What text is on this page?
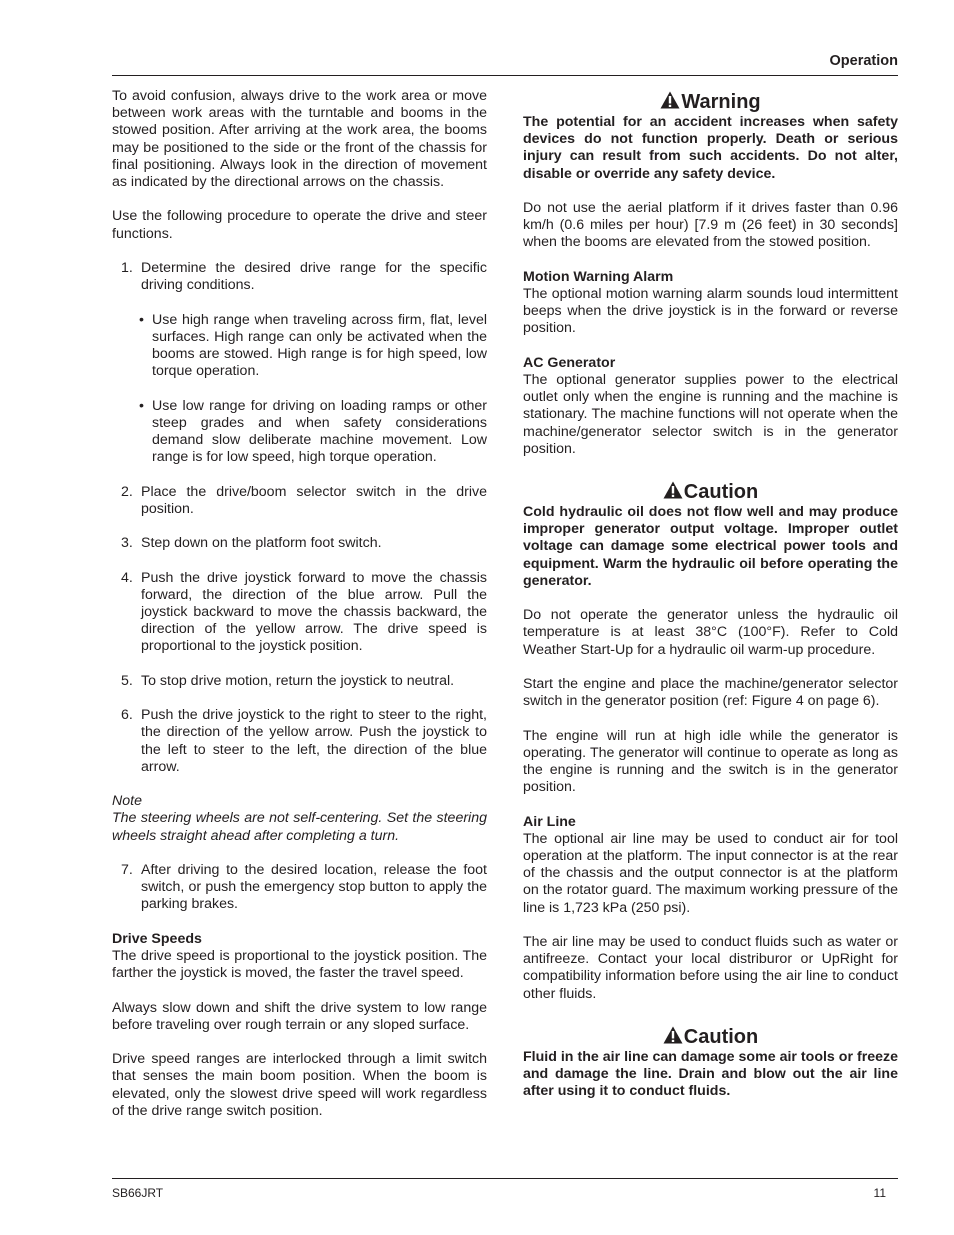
Operation

To avoid confusion, always drive to the work area or move between work areas with the turntable and booms in the stowed position. After arriving at the work area, the booms may be positioned to the side or the front of the chassis for final positioning. Always look in the direction of movement as indicated by the directional arrows on the chassis.

Use the following procedure to operate the drive and steer functions.

1. Determine the desired drive range for the specific driving conditions.
• Use high range when traveling across firm, flat, level surfaces. High range can only be activated when the booms are stowed. High range is for high speed, low torque operation.
• Use low range for driving on loading ramps or other steep grades and when safety considerations demand slow deliberate machine movement. Low range is for low speed, high torque operation.
2. Place the drive/boom selector switch in the drive position.
3. Step down on the platform foot switch.
4. Push the drive joystick forward to move the chassis forward, the direction of the blue arrow. Pull the joystick backward to move the chassis backward, the direction of the yellow arrow. The drive speed is proportional to the joystick position.
5. To stop drive motion, return the joystick to neutral.
6. Push the drive joystick to the right to steer to the right, the direction of the yellow arrow. Push the joystick to the left to steer to the left, the direction of the blue arrow.
Note
The steering wheels are not self-centering. Set the steering wheels straight ahead after completing a turn.
7. After driving to the desired location, release the foot switch, or push the emergency stop button to apply the parking brakes.
Drive Speeds

The drive speed is proportional to the joystick position. The farther the joystick is moved, the faster the travel speed.

Always slow down and shift the drive system to low range before traveling over rough terrain or any sloped surface.

Drive speed ranges are interlocked through a limit switch that senses the main boom position. When the boom is elevated, only the slowest drive speed will work regardless of the drive range switch position.

Warning

The potential for an accident increases when safety devices do not function properly. Death or serious injury can result from such accidents. Do not alter, disable or override any safety device.

Do not use the aerial platform if it drives faster than 0.96 km/h (0.6 miles per hour) [7.9 m (26 feet) in 30 seconds] when the booms are elevated from the stowed position.

Motion Warning Alarm

The optional motion warning alarm sounds loud intermittent beeps when the drive joystick is in the forward or reverse position.

AC Generator

The optional generator supplies power to the electrical outlet only when the engine is running and the machine is stationary. The machine functions will not operate when the machine/generator selector switch is in the generator position.

Caution

Cold hydraulic oil does not flow well and may produce improper generator output voltage. Improper outlet voltage can damage some electrical power tools and equipment. Warm the hydraulic oil before operating the generator.

Do not operate the generator unless the hydraulic oil temperature is at least 38°C (100°F). Refer to Cold Weather Start-Up for a hydraulic oil warm-up procedure.

Start the engine and place the machine/generator selector switch in the generator position (ref: Figure 4 on page 6).

The engine will run at high idle while the generator is operating. The generator will continue to operate as long as the engine is running and the switch is in the generator position.

Air Line

The optional air line may be used to conduct air for tool operation at the platform. The input connector is at the rear of the chassis and the output connector is at the platform on the rotator guard. The maximum working pressure of the line is 1,723 kPa (250 psi).

The air line may be used to conduct fluids such as water or antifreeze. Contact your local distriburor or UpRight for compatibility information before using the air line to conduct other fluids.

Caution

Fluid in the air line can damage some air tools or freeze and damage the line. Drain and blow out the air line after using it to conduct fluids.

SB66JRT	11
